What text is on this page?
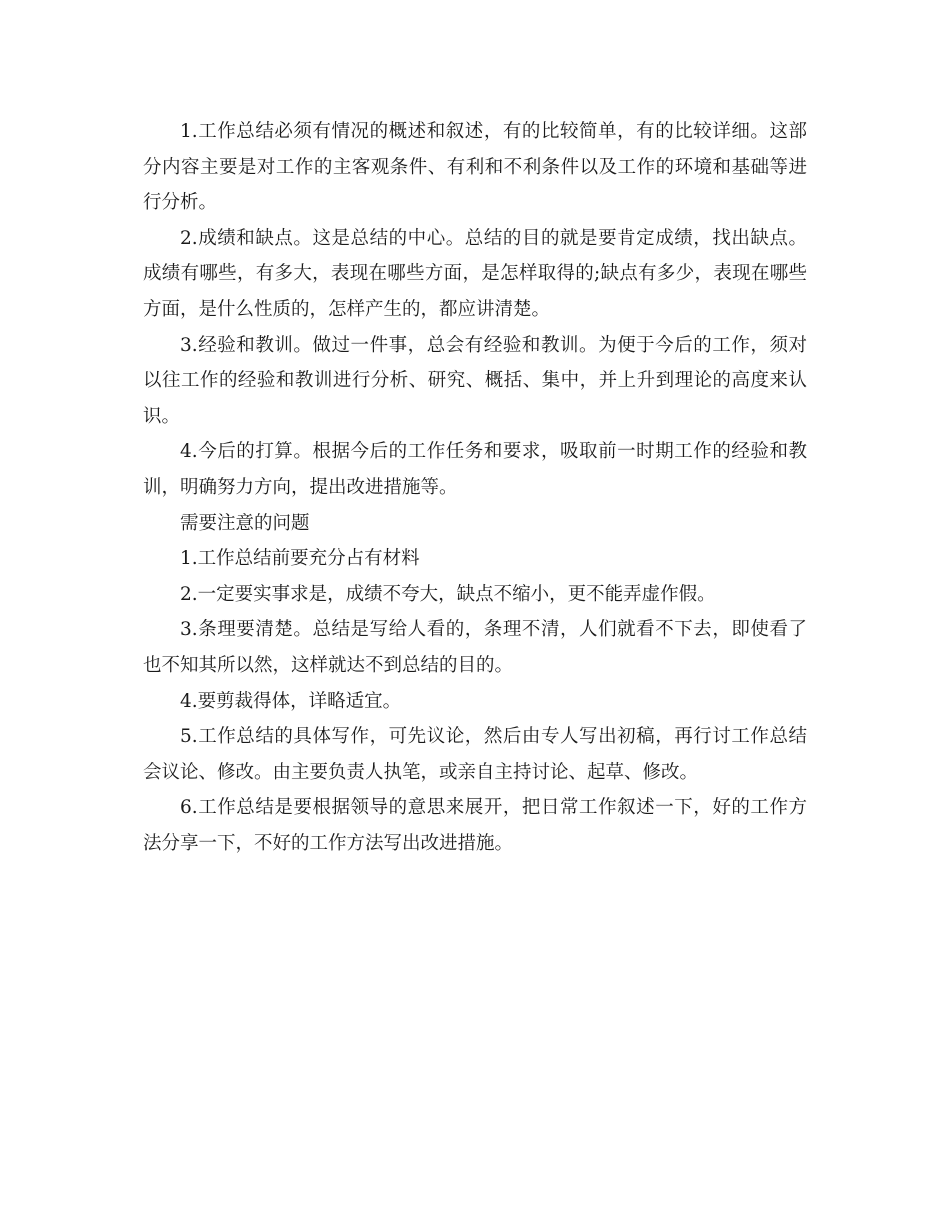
1.工作总结必须有情况的概述和叙述，有的比较简单，有的比较详细。这部分内容主要是对工作的主客观条件、有利和不利条件以及工作的环境和基础等进行分析。

2.成绩和缺点。这是总结的中心。总结的目的就是要肯定成绩，找出缺点。成绩有哪些，有多大，表现在哪些方面，是怎样取得的;缺点有多少，表现在哪些方面，是什么性质的，怎样产生的，都应讲清楚。

3.经验和教训。做过一件事，总会有经验和教训。为便于今后的工作，须对以往工作的经验和教训进行分析、研究、概括、集中，并上升到理论的高度来认识。

4.今后的打算。根据今后的工作任务和要求，吸取前一时期工作的经验和教训，明确努力方向，提出改进措施等。

需要注意的问题

1.工作总结前要充分占有材料

2.一定要实事求是，成绩不夸大，缺点不缩小，更不能弄虚作假。

3.条理要清楚。总结是写给人看的，条理不清，人们就看不下去，即使看了也不知其所以然，这样就达不到总结的目的。

4.要剪裁得体，详略适宜。

5.工作总结的具体写作，可先议论，然后由专人写出初稿，再行讨工作总结会议论、修改。由主要负责人执笔，或亲自主持讨论、起草、修改。

6.工作总结是要根据领导的意思来展开，把日常工作叙述一下，好的工作方法分享一下，不好的工作方法写出改进措施。
